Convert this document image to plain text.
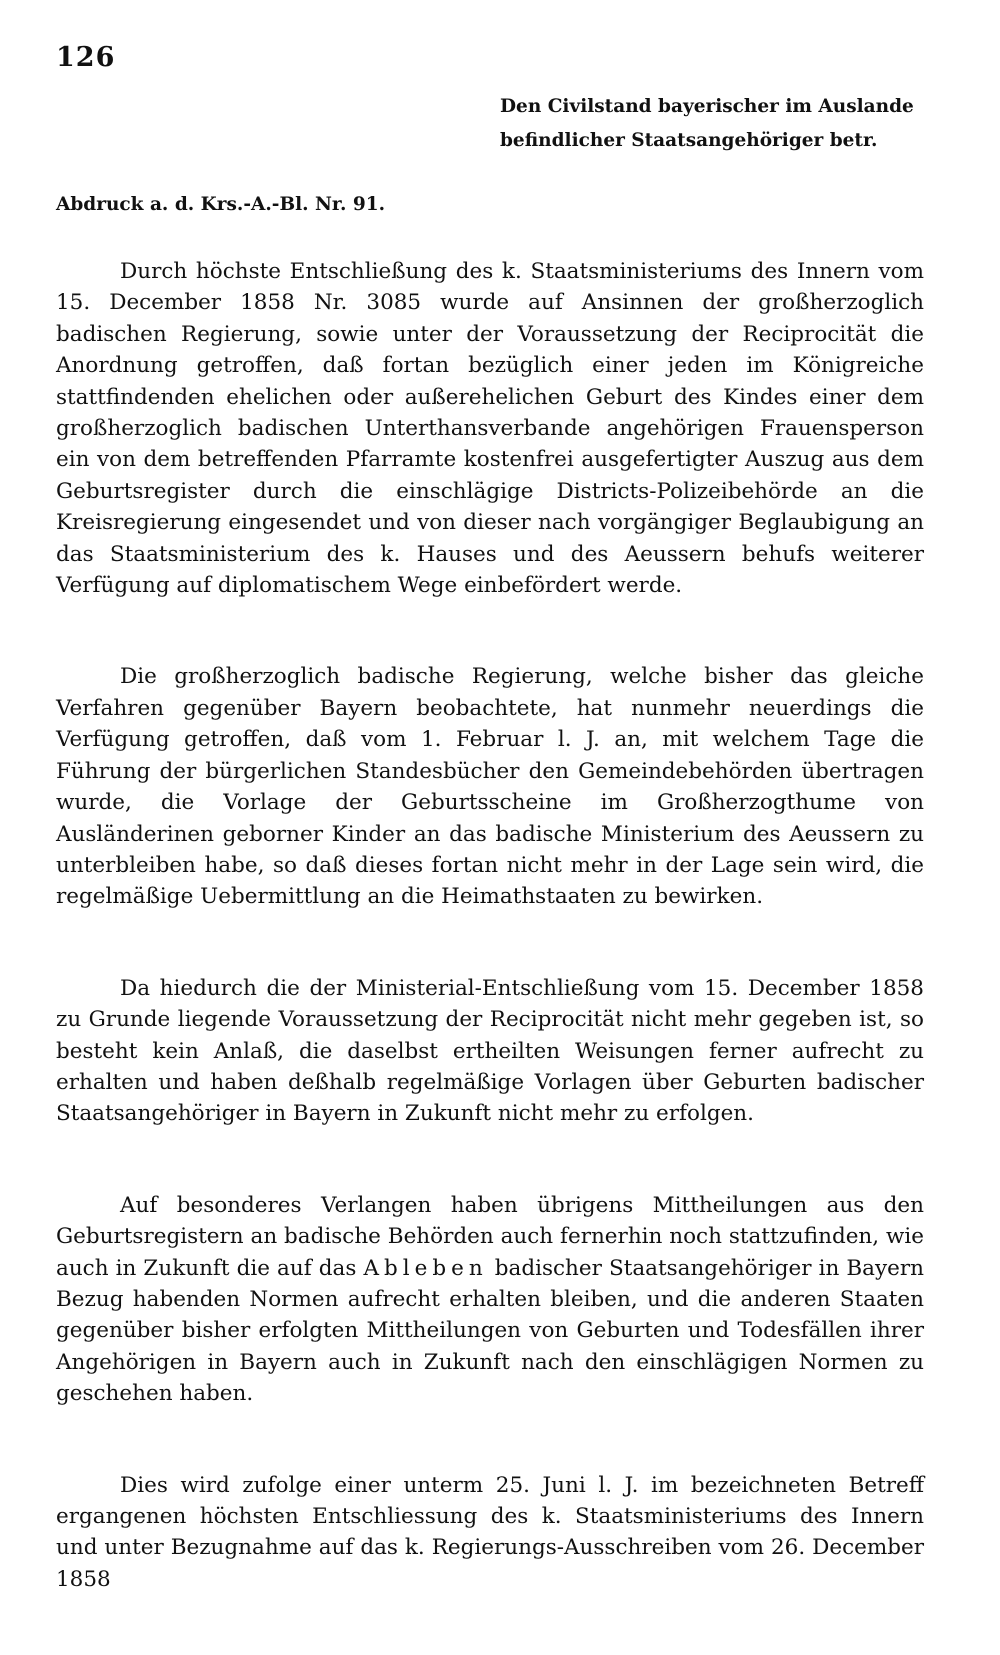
126
Den Civilstand bayerischer im Auslande befindlicher Staatsangehöriger betr.
Abdruck a. d. Krs.-A.-Bl. Nr. 91.

Durch höchste Entschließung des k. Staatsministeriums des Innern vom 15. December 1858 Nr. 3085 wurde auf Ansinnen der großherzoglich badischen Regierung, sowie unter der Voraussetzung der Reciprocität die Anordnung getroffen, daß fortan bezüglich einer jeden im Königreiche stattfindenden ehelichen oder außerehelichen Geburt des Kindes einer dem großherzoglich badischen Unterthansverbande angehörigen Frauensperson ein von dem betreffenden Pfarramte kostenfrei ausgefertigter Auszug aus dem Geburtsregister durch die einschlägige Districts-Polizeibehörde an die Kreisregierung eingesendet und von dieser nach vorgängiger Beglaubigung an das Staatsministerium des k. Hauses und des Aeussern behufs weiterer Verfügung auf diplomatischem Wege einbefördert werde.

Die großherzoglich badische Regierung, welche bisher das gleiche Verfahren gegenüber Bayern beobachtete, hat nunmehr neuerdings die Verfügung getroffen, daß vom 1. Februar l. J. an, mit welchem Tage die Führung der bürgerlichen Standesbücher den Gemeindebehörden übertragen wurde, die Vorlage der Geburtsscheine im Großherzogthume von Ausländerinen geborner Kinder an das badische Ministerium des Aeussern zu unterbleiben habe, so daß dieses fortan nicht mehr in der Lage sein wird, die regelmäßige Uebermittlung an die Heimathstaaten zu bewirken.

Da hiedurch die der Ministerial-Entschließung vom 15. December 1858 zu Grunde liegende Voraussetzung der Reciprocität nicht mehr gegeben ist, so besteht kein Anlaß, die daselbst ertheilten Weisungen ferner aufrecht zu erhalten und haben deßhalb regelmäßige Vorlagen über Geburten badischer Staatsangehöriger in Bayern in Zukunft nicht mehr zu erfolgen.

Auf besonderes Verlangen haben übrigens Mittheilungen aus den Geburtsregistern an badische Behörden auch fernerhin noch stattzufinden, wie auch in Zukunft die auf das Ableben badischer Staatsangehöriger in Bayern Bezug habenden Normen aufrecht erhalten bleiben, und die anderen Staaten gegenüber bisher erfolgten Mittheilungen von Geburten und Todesfällen ihrer Angehörigen in Bayern auch in Zukunft nach den einschlägigen Normen zu geschehen haben.

Dies wird zufolge einer unterm 25. Juni l. J. im bezeichneten Betreff ergangenen höchsten Entschliessung des k. Staatsministeriums des Innern und unter Bezugnahme auf das k. Regierungs-Ausschreiben vom 26. December 1858
